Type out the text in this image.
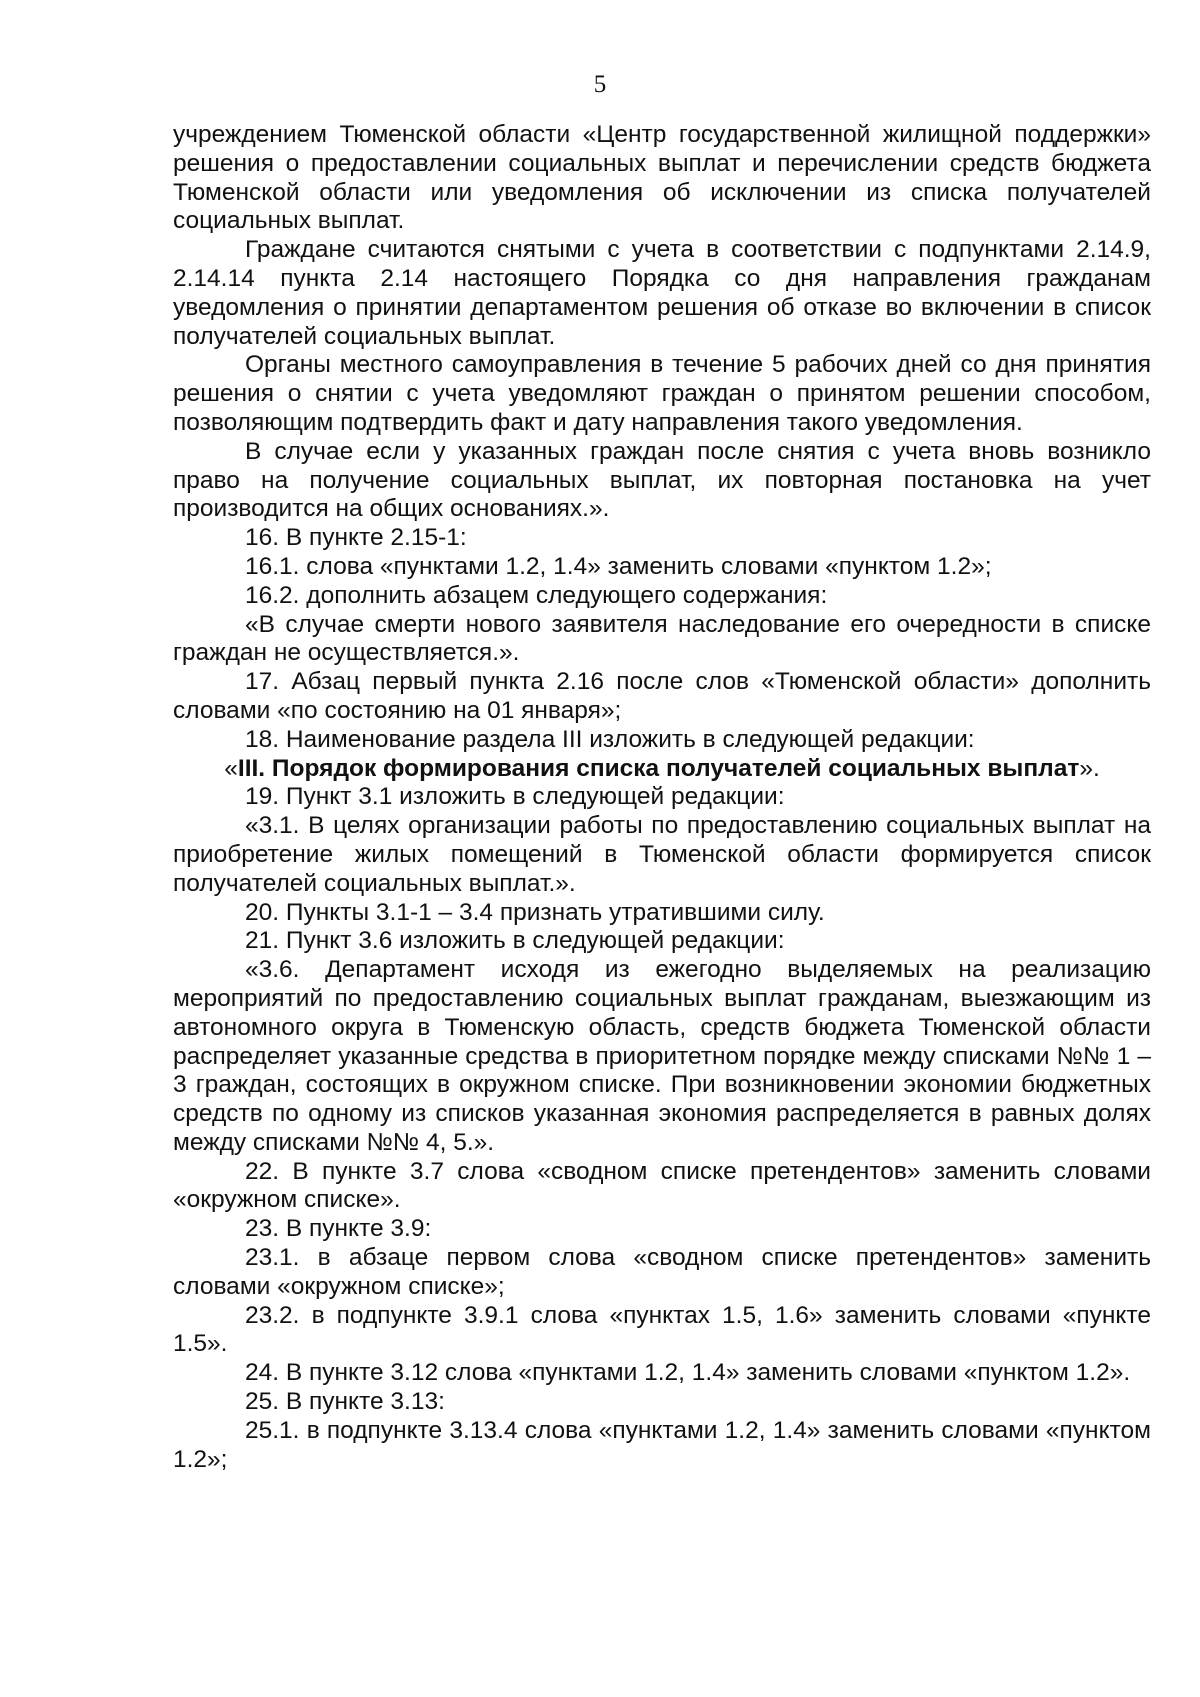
5

учреждением Тюменской области «Центр государственной жилищной поддержки» решения о предоставлении социальных выплат и перечислении средств бюджета Тюменской области или уведомления об исключении из списка получателей социальных выплат.

Граждане считаются снятыми с учета в соответствии с подпунктами 2.14.9, 2.14.14 пункта 2.14 настоящего Порядка со дня направления гражданам уведомления о принятии департаментом решения об отказе во включении в список получателей социальных выплат.

Органы местного самоуправления в течение 5 рабочих дней со дня принятия решения о снятии с учета уведомляют граждан о принятом решении способом, позволяющим подтвердить факт и дату направления такого уведомления.

В случае если у указанных граждан после снятия с учета вновь возникло право на получение социальных выплат, их повторная постановка на учет производится на общих основаниях.».

16. В пункте 2.15-1:

16.1. слова «пунктами 1.2, 1.4» заменить словами «пунктом 1.2»;

16.2. дополнить абзацем следующего содержания:

«В случае смерти нового заявителя наследование его очередности в списке граждан не осуществляется.».

17. Абзац первый пункта 2.16 после слов «Тюменской области» дополнить словами «по состоянию на 01 января»;

18. Наименование раздела III изложить в следующей редакции:

«III. Порядок формирования списка получателей социальных выплат».

19. Пункт 3.1 изложить в следующей редакции:

«3.1. В целях организации работы по предоставлению социальных выплат на приобретение жилых помещений в Тюменской области формируется список получателей социальных выплат.».

20. Пункты 3.1-1 – 3.4 признать утратившими силу.

21. Пункт 3.6 изложить в следующей редакции:

«3.6. Департамент исходя из ежегодно выделяемых на реализацию мероприятий по предоставлению социальных выплат гражданам, выезжающим из автономного округа в Тюменскую область, средств бюджета Тюменской области распределяет указанные средства в приоритетном порядке между списками №№ 1 – 3 граждан, состоящих в окружном списке. При возникновении экономии бюджетных средств по одному из списков указанная экономия распределяется в равных долях между списками №№ 4, 5.».

22. В пункте 3.7 слова «сводном списке претендентов» заменить словами «окружном списке».

23. В пункте 3.9:

23.1. в абзаце первом слова «сводном списке претендентов» заменить словами «окружном списке»;

23.2. в подпункте 3.9.1 слова «пунктах 1.5, 1.6» заменить словами «пункте 1.5».

24. В пункте 3.12 слова «пунктами 1.2, 1.4» заменить словами «пунктом 1.2».

25. В пункте 3.13:

25.1. в подпункте 3.13.4 слова «пунктами 1.2, 1.4» заменить словами «пунктом 1.2»;
